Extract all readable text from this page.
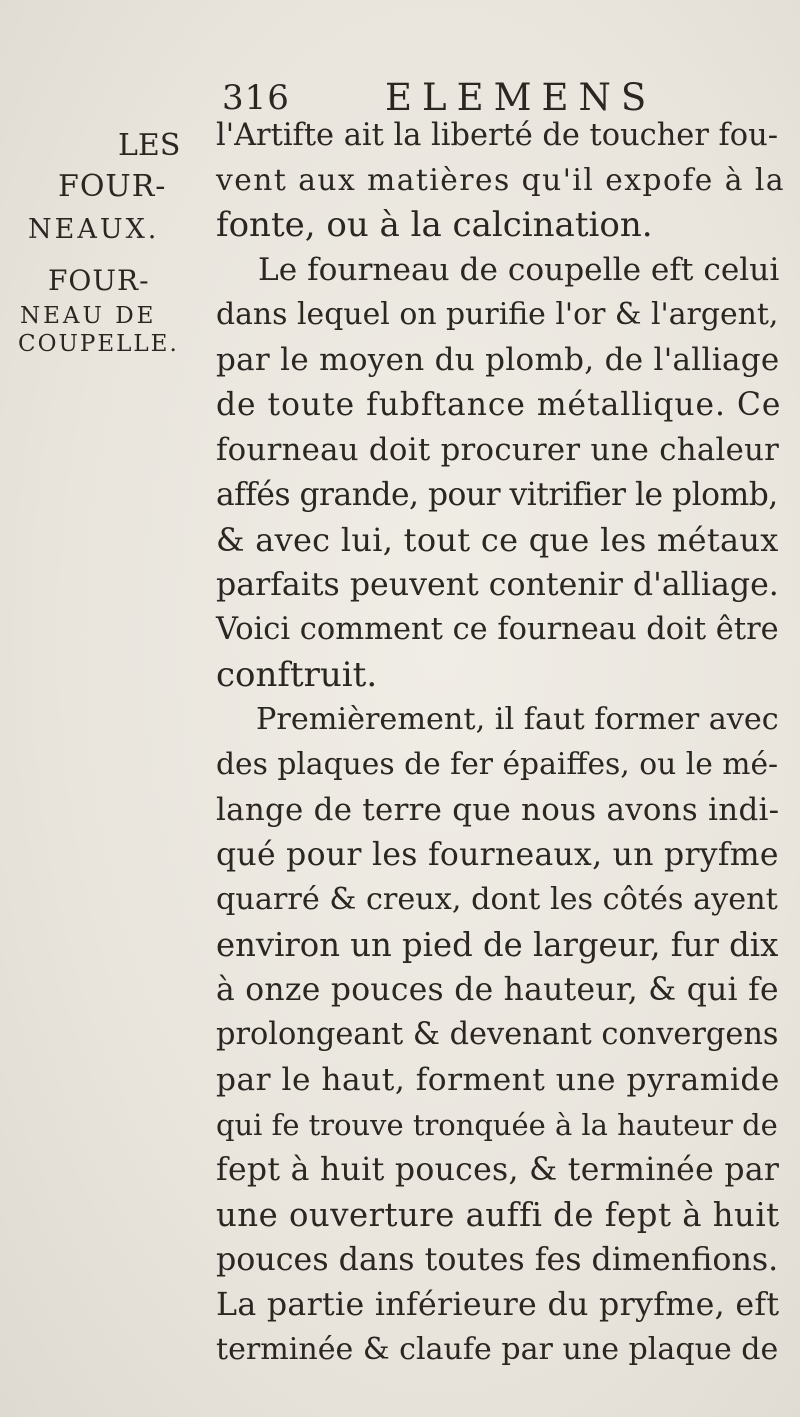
316	ELEMENS
LES
FOUR-
NEAUX.
FOUR-
NEAU DE
COUPELLE.
l'Artifte ait la liberté de toucher fou-
vent aux matières qu'il expofe à la
fonte, ou à la calcination.
Le fourneau de coupelle eft celui
dans lequel on purifie l'or & l'argent,
par le moyen du plomb, de l'alliage
de toute fubftance métallique. Ce
fourneau doit procurer une chaleur
affés grande, pour vitrifier le plomb,
& avec lui, tout ce que les métaux
parfaits peuvent contenir d'alliage.
Voici comment ce fourneau doit être
conftruit.
Premièrement, il faut former avec
des plaques de fer épaiffes, ou le mé-
lange de terre que nous avons indi-
qué pour les fourneaux, un pryfme
quarré & creux, dont les côtés ayent
environ un pied de largeur, fur dix
à onze pouces de hauteur, & qui fe
prolongeant & devenant convergens
par le haut, forment une pyramide
qui fe trouve tronquée à la hauteur de
fept à huit pouces, & terminée par
une ouverture auffi de fept à huit
pouces dans toutes fes dimenfions.
La partie inférieure du pryfme, eft
terminée & claufe par une plaque de
